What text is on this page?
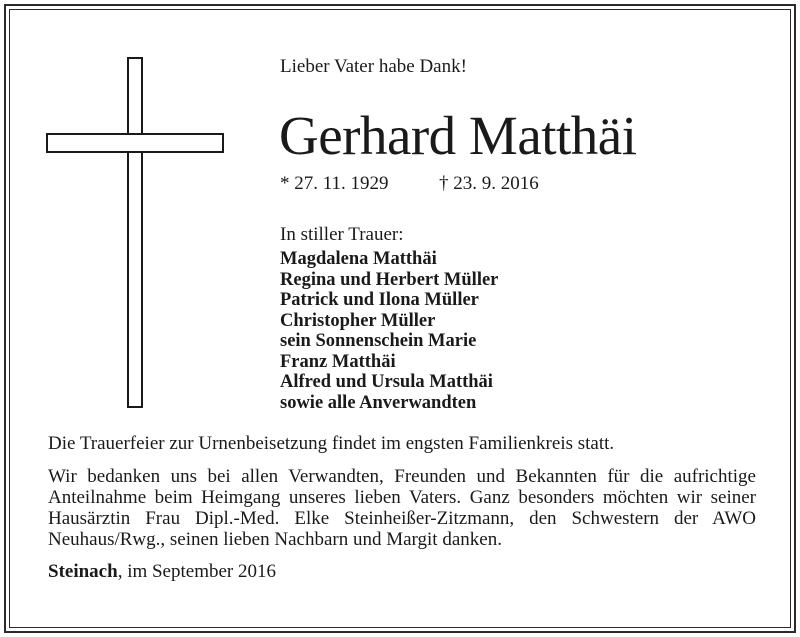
Lieber Vater habe Dank!
Gerhard Matthäi
* 27. 11. 1929	† 23. 9. 2016
In stiller Trauer:
Magdalena Matthäi
Regina und Herbert Müller
Patrick und Ilona Müller
Christopher Müller
sein Sonnenschein Marie
Franz Matthäi
Alfred und Ursula Matthäi
sowie alle Anverwandten
Die Trauerfeier zur Urnenbeisetzung findet im engsten Familienkreis statt.

Wir bedanken uns bei allen Verwandten, Freunden und Bekannten für die aufrichtige Anteilnahme beim Heimgang unseres lieben Vaters. Ganz besonders möchten wir seiner Hausärztin Frau Dipl.-Med. Elke Steinheißer-Zitzmann, den Schwestern der AWO Neuhaus/Rwg., seinen lieben Nachbarn und Margit danken.

Steinach, im September 2016
